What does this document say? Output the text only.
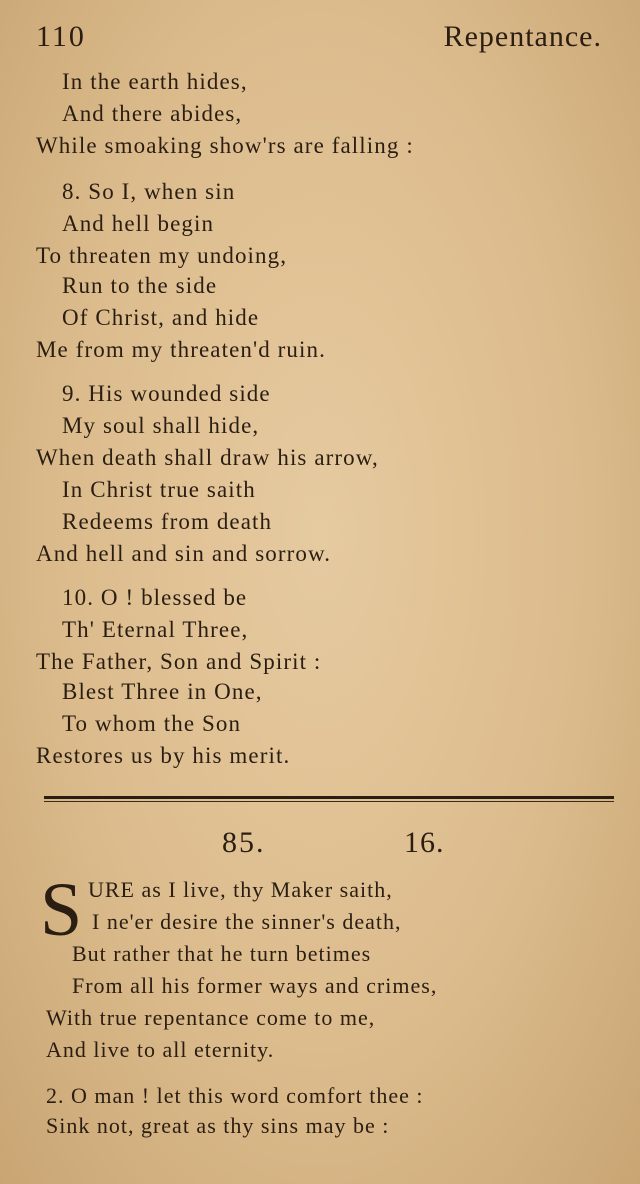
110	Repentance.
In the earth hides,
And there abides,
While smoaking show'rs are falling :
8. So I, when sin
And hell begin
To threaten my undoing,
Run to the side
Of Christ, and hide
Me from my threaten'd ruin.
9. His wounded side
My soul shall hide,
When death shall draw his arrow,
In Christ true saith
Redeems from death
And hell and sin and sorrow.
10. O ! blessed be
Th' Eternal Three,
The Father, Son and Spirit :
Blest Three in One,
To whom the Son
Restores us by his merit.
85.	16.
S URE as I live, thy Maker saith,
I ne'er desire the sinner's death,
But rather that he turn betimes
From all his former ways and crimes,
With true repentance come to me,
And live to all eternity.
2. O man ! let this word comfort thee :
Sink not, great as thy sins may be :
